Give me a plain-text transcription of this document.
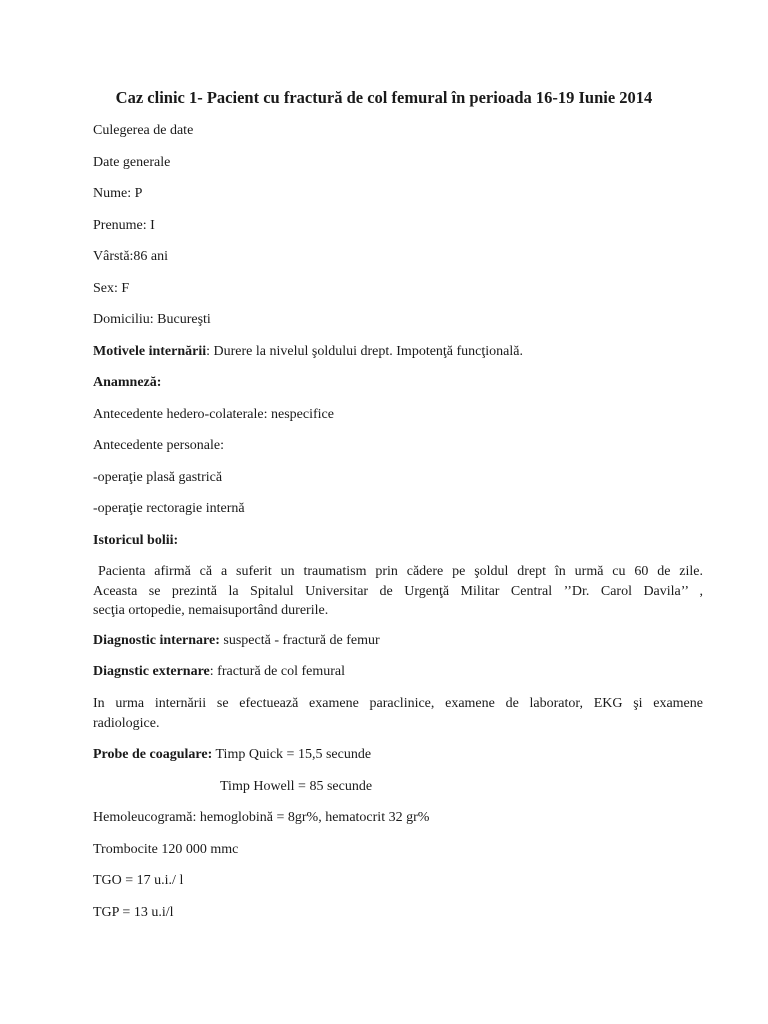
Caz clinic 1- Pacient cu fractură de col femural în perioada 16-19 Iunie 2014
Culegerea de date
Date generale
Nume: P
Prenume: I
Vârstă:86 ani
Sex: F
Domiciliu: Bucureşti
Motivele internării: Durere la nivelul şoldului drept. Impotenţă funcţională.
Anamneză:
Antecedente hedero-colaterale: nespecifice
Antecedente personale:
-operaţie plasă gastrică
-operaţie rectoragie internă
Istoricul bolii:
Pacienta afirmă că a suferit un traumatism prin cădere pe şoldul drept în urmă cu 60 de zile.
Aceasta se prezintă la Spitalul Universitar de Urgenţă Militar Central ’’Dr. Carol Davila’’ ,
secţia ortopedie, nemaisuportând durerile.
Diagnostic internare: suspectă - fractură de femur
Diagnstic externare: fractură de col femural
In urma internării se efectuează examene paraclinice, examene de laborator, EKG şi examene
radiologice.
Probe de coagulare: Timp Quick = 15,5 secunde
Timp Howell = 85 secunde
Hemoleucogramă: hemoglobină = 8gr%, hematocrit 32 gr%
Trombocite 120 000 mmc
TGO = 17 u.i./ l
TGP = 13 u.i/l
